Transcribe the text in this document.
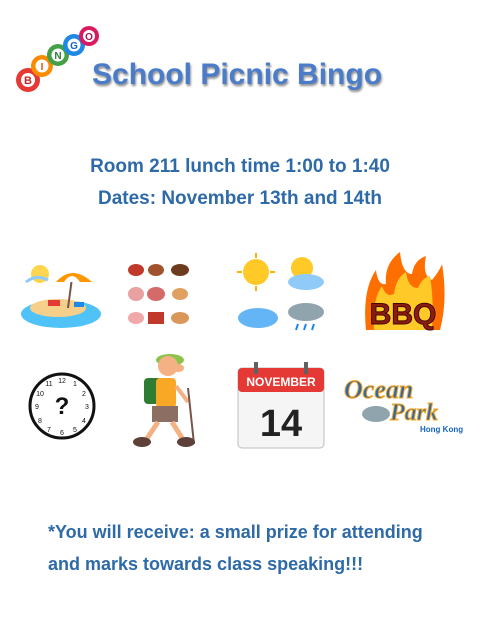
B
I
N
G
O
School Picnic Bingo
Room 211 lunch time 1:00 to 1:40
Dates: November 13th and 14th
BBQ
12
3
6
9
1
2
4
5
7
8
10
11
?
NOVEMBER
14
Ocean
Park
Hong Kong
*You will receive: a small prize for attending
and marks towards class speaking!!!
